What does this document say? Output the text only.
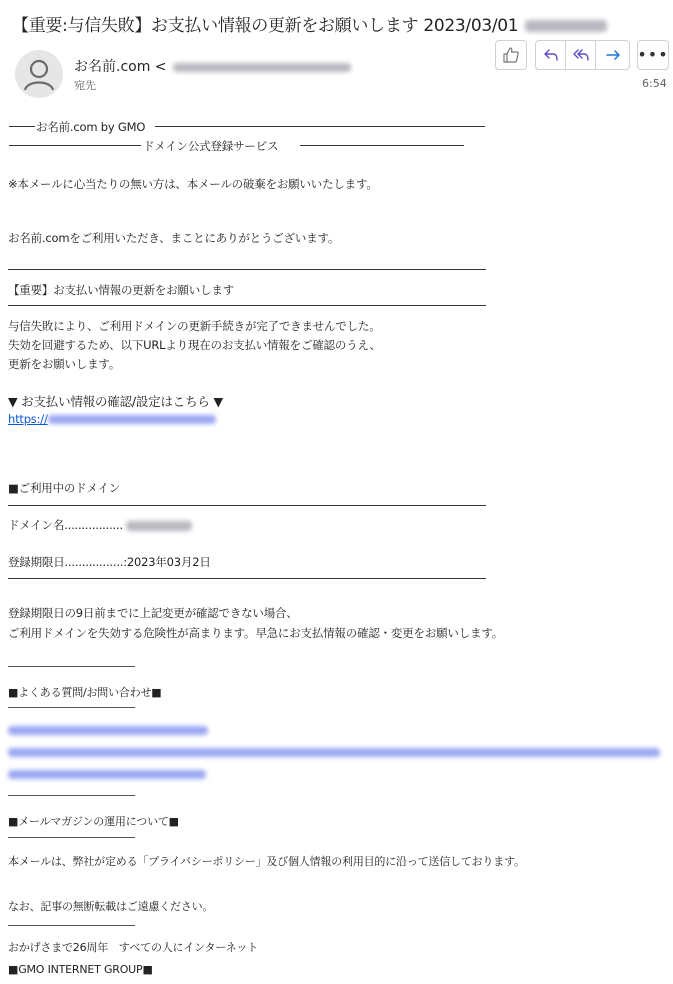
【重要:与信失敗】お支払い情報の更新をお願いします 2023/03/01
お名前.com <
宛先
•••
6:54
お名前.com by GMO
ドメイン公式登録サービス
※本メールに心当たりの無い方は、本メールの破棄をお願いいたします。
お名前.comをご利用いただき、まことにありがとうございます。
【重要】お支払い情報の更新をお願いします
与信失敗により、ご利用ドメインの更新手続きが完了できませんでした。
失効を回避するため、以下URLより現在のお支払い情報をご確認のうえ、
更新をお願いします。
▼ お支払い情報の確認/設定はこちら ▼
https://
■ご利用中のドメイン
ドメイン名.................
登録期限日.................:2023年03月2日
登録期限日の9日前までに上記変更が確認できない場合、
ご利用ドメインを失効する危険性が高まります。早急にお支払情報の確認・変更をお願いします。
■よくある質問/お問い合わせ■
■メールマガジンの運用について■
本メールは、弊社が定める「プライバシーポリシー」及び個人情報の利用目的に沿って送信しております。
なお、記事の無断転載はご遠慮ください。
おかげさまで26周年　すべての人にインターネット
■GMO INTERNET GROUP■
